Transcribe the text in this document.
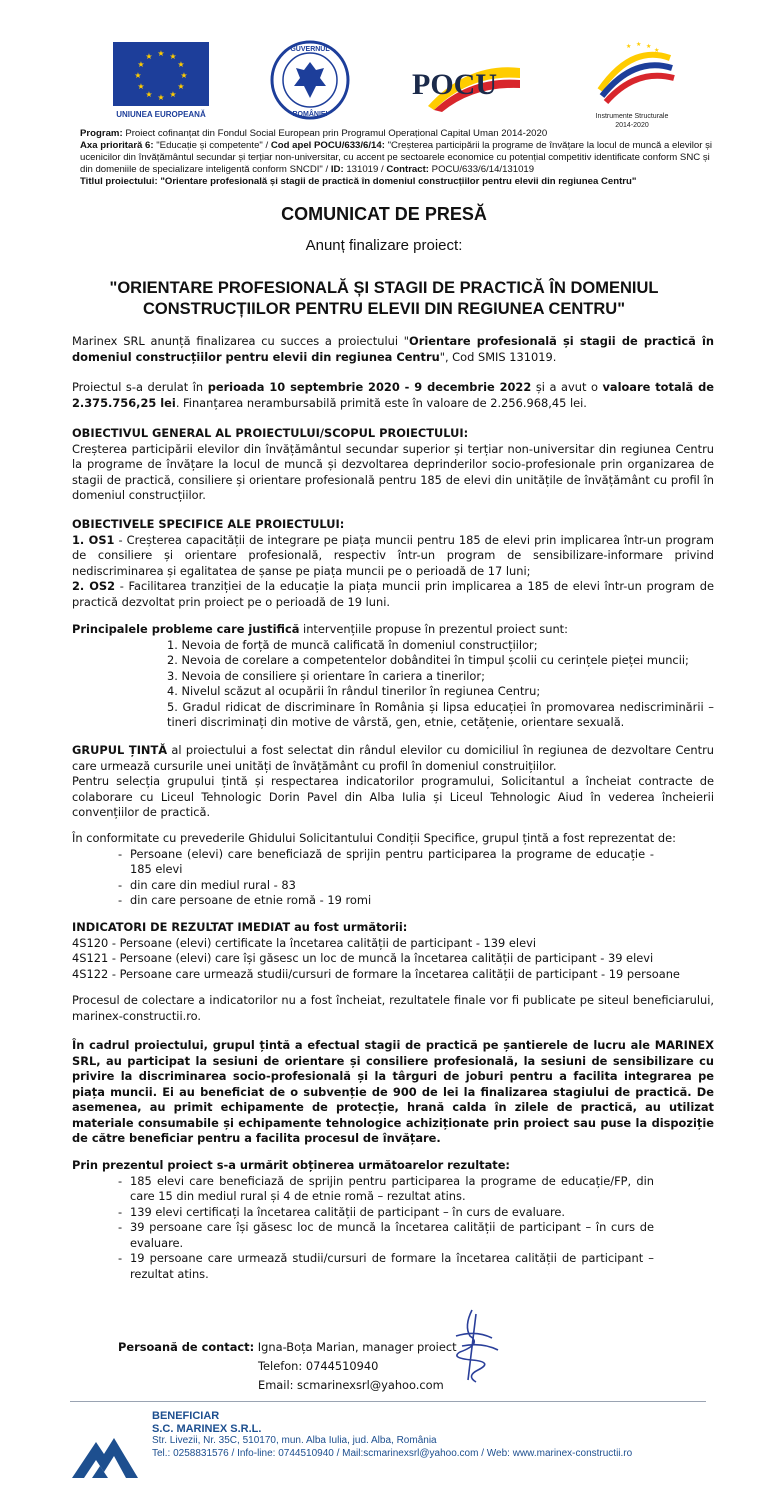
★ ★
★
★
★
★
★
★
★
★
★
★
UNIUNEA EUROPEANĂ
GUVERNUL
ROMÂNIEI
POCU
★ ★ ★
★
Instrumente Structurale
2014-2020
Program: Proiect cofinanțat din Fondul Social European prin Programul Operațional Capital Uman 2014-2020
Axa prioritară 6: "Educație și competente" / Cod apel POCU/633/6/14: "Creșterea participării la programe de învățare la locul de muncă a elevilor și ucenicilor din învățământul secundar și terțiar non-universitar, cu accent pe sectoarele economice cu potențial competitiv identificate conform SNC și din domeniile de specializare inteligentă conform SNCDI" / ID: 131019 / Contract: POCU/633/6/14/131019
Titlul proiectului: "Orientare profesională și stagii de practică în domeniul construcțiilor pentru elevii din regiunea Centru"
COMUNICAT DE PRESĂ
Anunț finalizare proiect:
"ORIENTARE PROFESIONALĂ ȘI STAGII DE PRACTICĂ ÎN DOMENIUL CONSTRUCȚIILOR PENTRU ELEVII DIN REGIUNEA CENTRU"
Marinex SRL anunță finalizarea cu succes a proiectului "Orientare profesională și stagii de practică în domeniul construcțiilor pentru elevii din regiunea Centru", Cod SMIS 131019.
Proiectul s-a derulat în perioada 10 septembrie 2020 - 9 decembrie 2022 și a avut o valoare totală de 2.375.756,25 lei. Finanțarea nerambursabilă primită este în valoare de 2.256.968,45 lei.
OBIECTIVUL GENERAL AL PROIECTULUI/SCOPUL PROIECTULUI:
Creșterea participării elevilor din învățământul secundar superior și terțiar non-universitar din regiunea Centru la programe de învățare la locul de muncă și dezvoltarea deprinderilor socio-profesionale prin organizarea de stagii de practică, consiliere și orientare profesională pentru 185 de elevi din unitățile de învățământ cu profil în domeniul construcțiilor.
OBIECTIVELE SPECIFICE ALE PROIECTULUI:
1. OS1 - Creșterea capacității de integrare pe piața muncii pentru 185 de elevi prin implicarea într-un program de consiliere și orientare profesională, respectiv într-un program de sensibilizare-informare privind nediscriminarea și egalitatea de șanse pe piața muncii pe o perioadă de 17 luni;
2. OS2 - Facilitarea tranziției de la educație la piața muncii prin implicarea a 185 de elevi într-un program de practică dezvoltat prin proiect pe o perioadă de 19 luni.
Principalele probleme care justifică intervențiile propuse în prezentul proiect sunt:
1. Nevoia de forță de muncă calificată în domeniul construcțiilor;
2. Nevoia de corelare a competentelor dobânditei în timpul școlii cu cerințele pieței muncii;
3. Nevoia de consiliere și orientare în cariera a tinerilor;
4. Nivelul scăzut al ocupării în rândul tinerilor în regiunea Centru;
5. Gradul ridicat de discriminare în România și lipsa educației în promovarea nediscriminării – tineri discriminați din motive de vârstă, gen, etnie, cetățenie, orientare sexuală.
GRUPUL ȚINTĂ al proiectului a fost selectat din rândul elevilor cu domiciliul în regiunea de dezvoltare Centru care urmează cursurile unei unități de învățământ cu profil în domeniul construițiilor.
Pentru selecția grupului țintă și respectarea indicatorilor programului, Solicitantul a încheiat contracte de colaborare cu Liceul Tehnologic Dorin Pavel din Alba Iulia și Liceul Tehnologic Aiud în vederea încheierii convențiilor de practică.
În conformitate cu prevederile Ghidului Solicitantului Condiții Specifice, grupul țintă a fost reprezentat de:
- Persoane (elevi) care beneficiază de sprijin pentru participarea la programe de educație - 185 elevi
- din care din mediul rural - 83
- din care persoane de etnie romă - 19 romi
INDICATORI DE REZULTAT IMEDIAT au fost următorii:
4S120 - Persoane (elevi) certificate la încetarea calității de participant - 139 elevi
4S121 - Persoane (elevi) care își găsesc un loc de muncă la încetarea calității de participant - 39 elevi
4S122 - Persoane care urmează studii/cursuri de formare la încetarea calității de participant - 19 persoane
Procesul de colectare a indicatorilor nu a fost încheiat, rezultatele finale vor fi publicate pe siteul beneficiarului, marinex-constructii.ro.
În cadrul proiectului, grupul țintă a efectual stagii de practică pe șantierele de lucru ale MARINEX SRL, au participat la sesiuni de orientare și consiliere profesională, la sesiuni de sensibilizare cu privire la discriminarea socio-profesională și la târguri de joburi pentru a facilita integrarea pe piața muncii. Ei au beneficiat de o subvenție de 900 de lei la finalizarea stagiului de practică. De asemenea, au primit echipamente de protecție, hrană calda în zilele de practică, au utilizat materiale consumabile și echipamente tehnologice achiziționate prin proiect sau puse la dispoziție de către beneficiar pentru a facilita procesul de învățare.
Prin prezentul proiect s-a urmărit obținerea următoarelor rezultate:
- 185 elevi care beneficiază de sprijin pentru participarea la programe de educație/FP, din care 15 din mediul rural și 4 de etnie romă – rezultat atins.
- 139 elevi certificați la încetarea calității de participant – în curs de evaluare.
- 39 persoane care își găsesc loc de muncă la încetarea calității de participant – în curs de evaluare.
- 19 persoane care urmează studii/cursuri de formare la încetarea calității de participant – rezultat atins.
Persoană de contact: Igna-Boța Marian, manager proiect
Telefon: 0744510940
Email: scmarinexsrl@yahoo.com
BENEFICIAR
S.C. MARINEX S.R.L.
Str. Livezii, Nr. 35C, 510170, mun. Alba Iulia, jud. Alba, România
Tel.: 0258831576 / Info-line: 0744510940 / Mail:scmarinexsrl@yahoo.com / Web: www.marinex-constructii.ro
